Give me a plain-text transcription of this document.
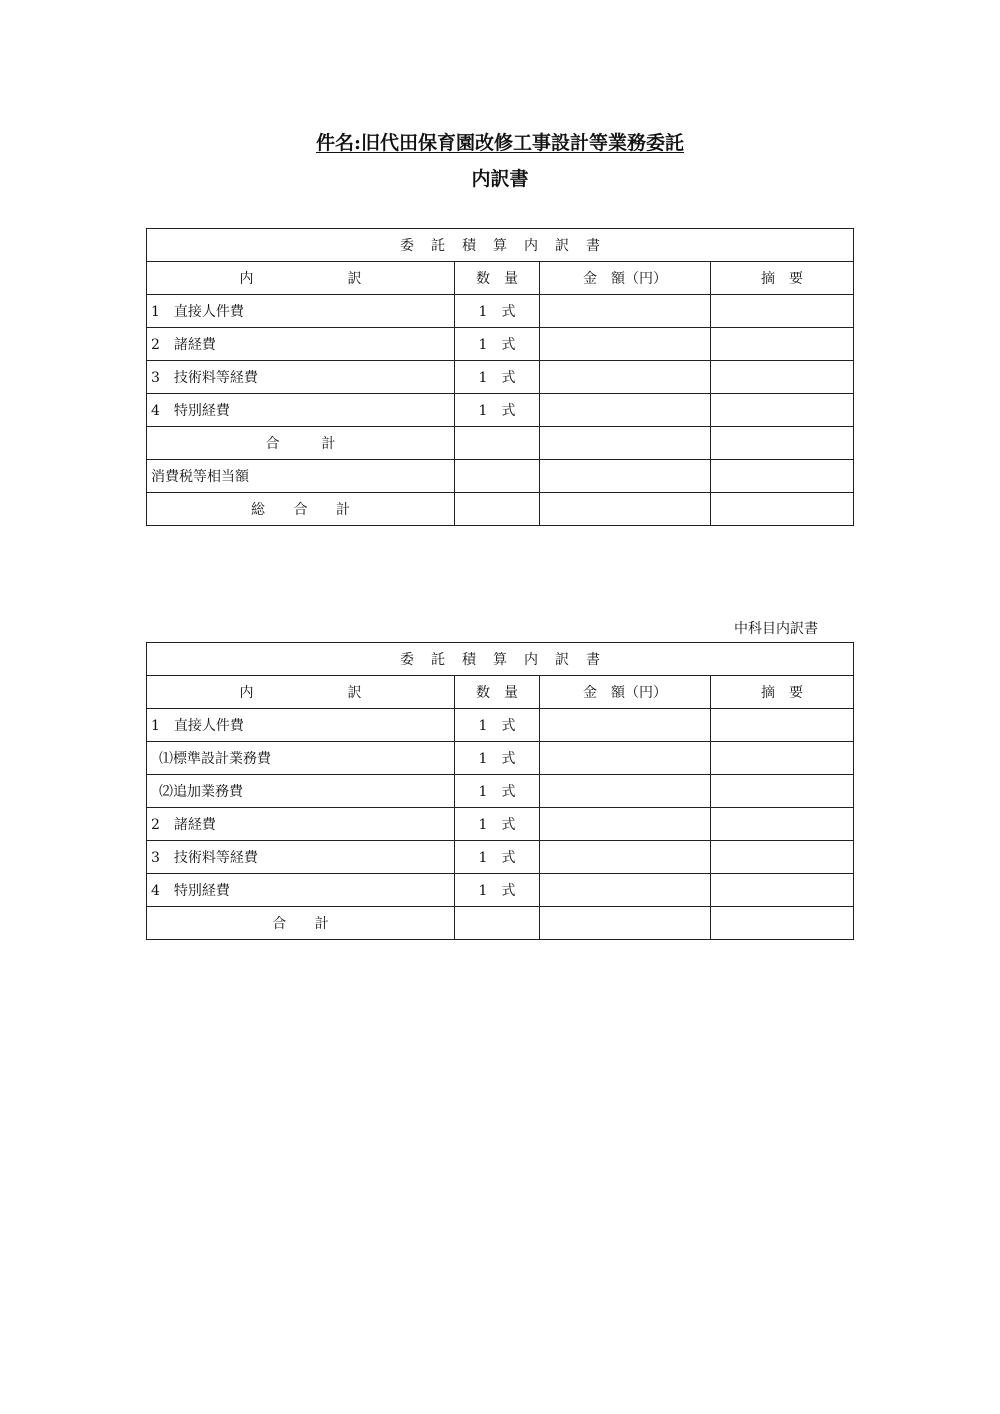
件名:旧代田保育園改修工事設計等業務委託
内訳書
委託積算内訳書			
内　訳	数　量	金　額（円）	摘　要
1　直接人件費	1　式		
2　諸経費	1　式		
3　技術料等経費	1　式		
4　特別経費	1　式		
合　計			
消費税等相当額			
総 合 計			
中科目内訳書
委託積算内訳書			
内　訳	数　量	金　額（円）	摘　要
1　直接人件費	1　式		
⑴標準設計業務費	1　式		
⑵追加業務費	1　式		
2　諸経費	1　式		
3　技術料等経費	1　式		
4　特別経費	1　式		
合 計			
